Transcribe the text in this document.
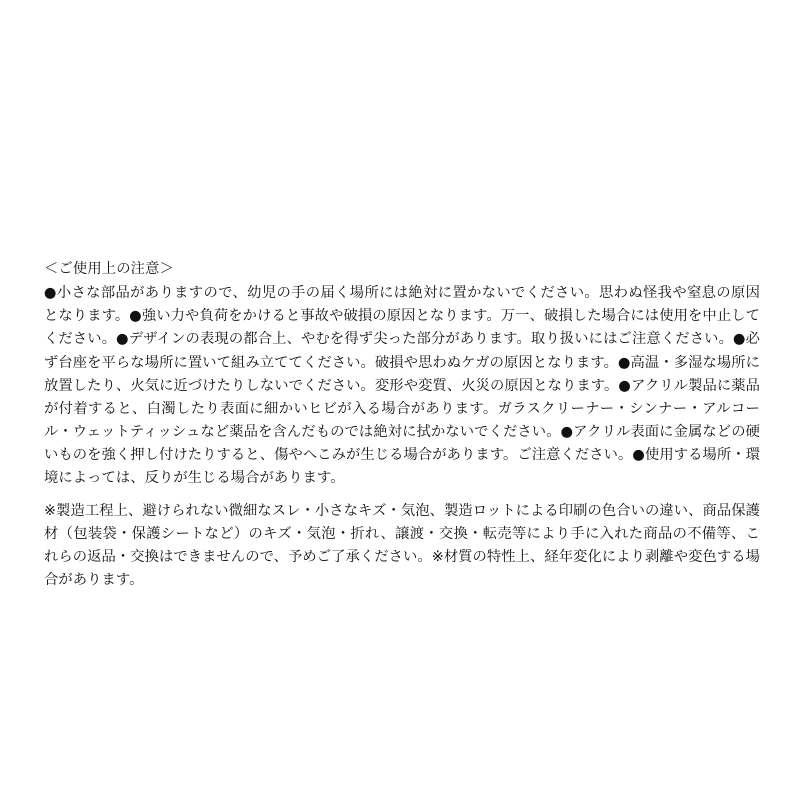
＜ご使用上の注意＞
●小さな部品がありますので、幼児の手の届く場所には絶対に置かないでください。思わぬ怪我や窒息の原因となります。●強い力や負荷をかけると事故や破損の原因となります。万一、破損した場合には使用を中止してください。●デザインの表現の都合上、やむを得ず尖った部分があります。取り扱いにはご注意ください。●必ず台座を平らな場所に置いて組み立ててください。破損や思わぬケガの原因となります。●高温・多湿な場所に放置したり、火気に近づけたりしないでください。変形や変質、火災の原因となります。●アクリル製品に薬品が付着すると、白濁したり表面に細かいヒビが入る場合があります。ガラスクリーナー・シンナー・アルコール・ウェットティッシュなど薬品を含んだものでは絶対に拭かないでください。●アクリル表面に金属などの硬いものを強く押し付けたりすると、傷やへこみが生じる場合があります。ご注意ください。●使用する場所・環境によっては、反りが生じる場合があります。
※製造工程上、避けられない微細なスレ・小さなキズ・気泡、製造ロットによる印刷の色合いの違い、商品保護材（包装袋・保護シートなど）のキズ・気泡・折れ、譲渡・交換・転売等により手に入れた商品の不備等、これらの返品・交換はできませんので、予めご了承ください。※材質の特性上、経年変化により剥離や変色する場合があります。
